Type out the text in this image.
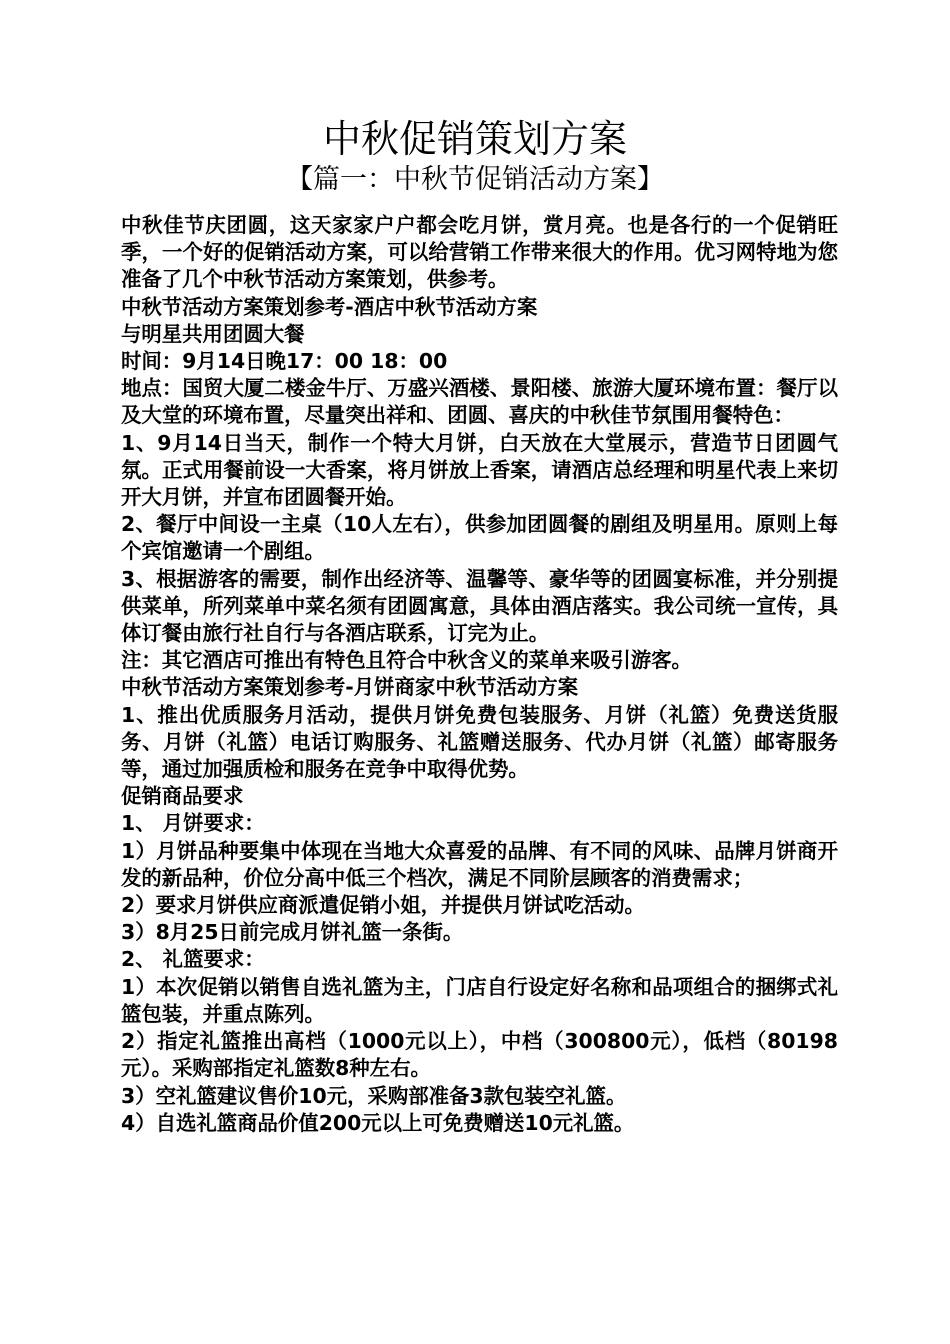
中秋促销策划方案
【篇一：中秋节促销活动方案】

中秋佳节庆团圆，这天家家户户都会吃月饼，赏月亮。也是各行的一个促销旺季，一个好的促销活动方案，可以给营销工作带来很大的作用。优习网特地为您准备了几个中秋节活动方案策划，供参考。

中秋节活动方案策划参考-酒店中秋节活动方案

与明星共用团圆大餐

时间：9月14日晚17：00 18：00

地点：国贸大厦二楼金牛厅、万盛兴酒楼、景阳楼、旅游大厦环境布置：餐厅以及大堂的环境布置，尽量突出祥和、团圆、喜庆的中秋佳节氛围用餐特色：

1、9月14日当天，制作一个特大月饼，白天放在大堂展示，营造节日团圆气氛。正式用餐前设一大香案，将月饼放上香案，请酒店总经理和明星代表上来切开大月饼，并宣布团圆餐开始。

2、餐厅中间设一主桌（10人左右），供参加团圆餐的剧组及明星用。原则上每个宾馆邀请一个剧组。

3、根据游客的需要，制作出经济等、温馨等、豪华等的团圆宴标准，并分别提供菜单，所列菜单中菜名须有团圆寓意，具体由酒店落实。我公司统一宣传，具体订餐由旅行社自行与各酒店联系，订完为止。

注：其它酒店可推出有特色且符合中秋含义的菜单来吸引游客。

中秋节活动方案策划参考-月饼商家中秋节活动方案

1、推出优质服务月活动，提供月饼免费包装服务、月饼（礼篮）免费送货服务、月饼（礼篮）电话订购服务、礼篮赠送服务、代办月饼（礼篮）邮寄服务等，通过加强质检和服务在竞争中取得优势。

促销商品要求

1、 月饼要求：

1）月饼品种要集中体现在当地大众喜爱的品牌、有不同的风味、品牌月饼商开发的新品种，价位分高中低三个档次，满足不同阶层顾客的消费需求；

2）要求月饼供应商派遣促销小姐，并提供月饼试吃活动。

3）8月25日前完成月饼礼篮一条街。

2、 礼篮要求：

1）本次促销以销售自选礼篮为主，门店自行设定好名称和品项组合的捆绑式礼篮包装，并重点陈列。

2）指定礼篮推出高档（1000元以上），中档（300800元），低档（80198元）。采购部指定礼篮数8种左右。

3）空礼篮建议售价10元，采购部准备3款包装空礼篮。

4）自选礼篮商品价值200元以上可免费赠送10元礼篮。
